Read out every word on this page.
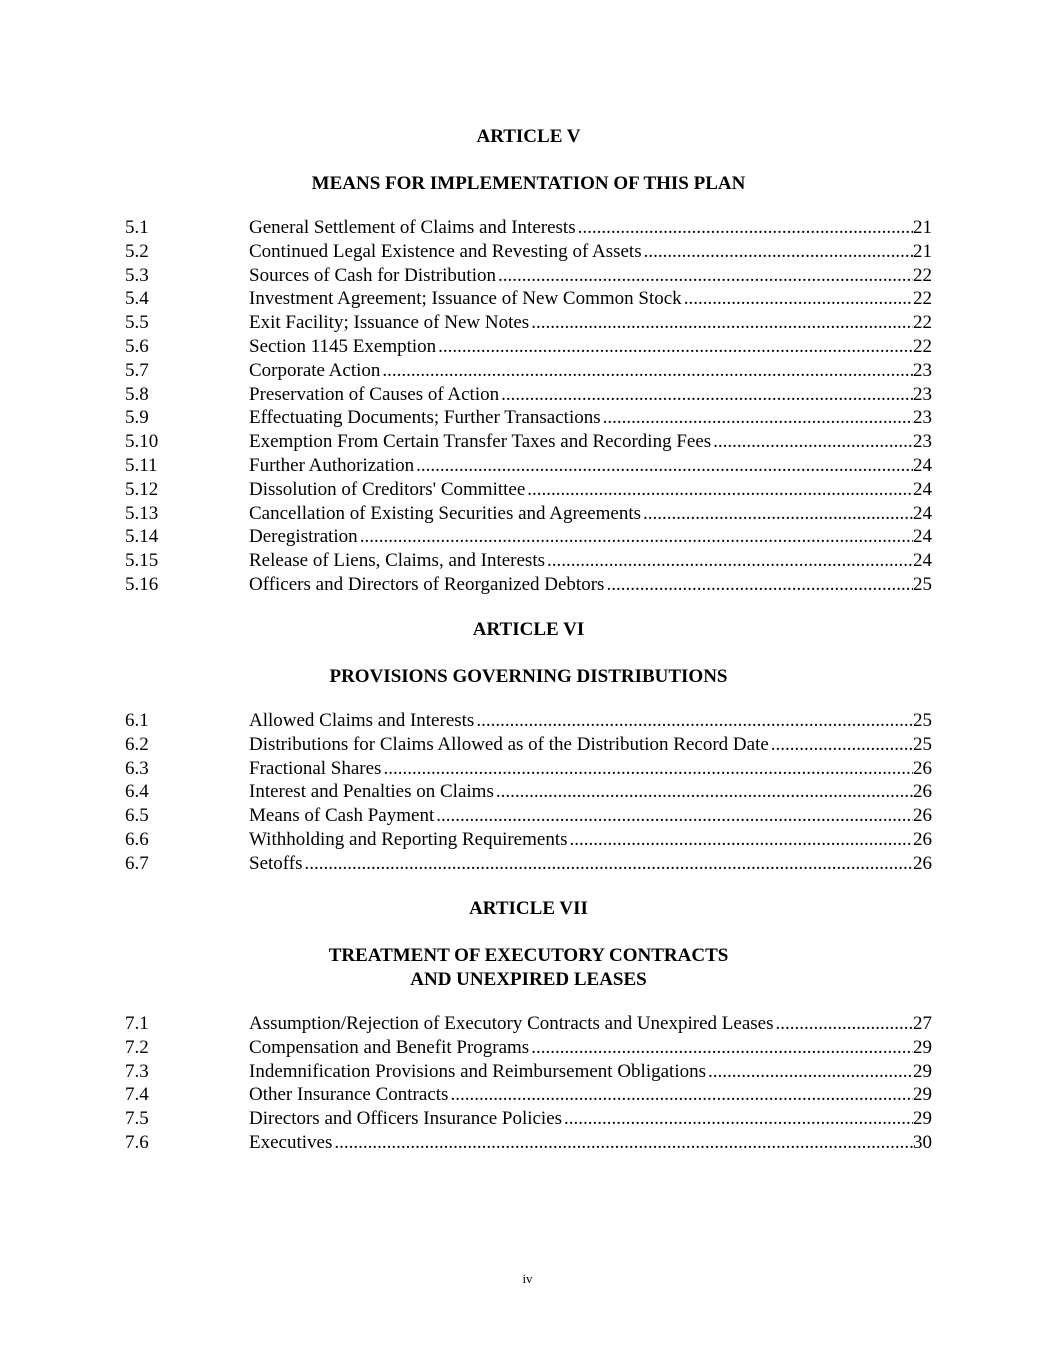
ARTICLE V
MEANS FOR IMPLEMENTATION OF THIS PLAN
5.1	General Settlement of Claims and Interests .....	21
5.2	Continued Legal Existence and Revesting of Assets .....	21
5.3	Sources of Cash for Distribution .....	22
5.4	Investment Agreement; Issuance of New Common Stock .....	22
5.5	Exit Facility; Issuance of New Notes .....	22
5.6	Section 1145 Exemption .....	22
5.7	Corporate Action .....	23
5.8	Preservation of Causes of Action .....	23
5.9	Effectuating Documents; Further Transactions .....	23
5.10	Exemption From Certain Transfer Taxes and Recording Fees .....	23
5.11	Further Authorization .....	24
5.12	Dissolution of Creditors' Committee .....	24
5.13	Cancellation of Existing Securities and Agreements .....	24
5.14	Deregistration .....	24
5.15	Release of Liens, Claims, and Interests .....	24
5.16	Officers and Directors of Reorganized Debtors .....	25
ARTICLE VI
PROVISIONS GOVERNING DISTRIBUTIONS
6.1	Allowed Claims and Interests .....	25
6.2	Distributions for Claims Allowed as of the Distribution Record Date .....	25
6.3	Fractional Shares .....	26
6.4	Interest and Penalties on Claims .....	26
6.5	Means of Cash Payment .....	26
6.6	Withholding and Reporting Requirements .....	26
6.7	Setoffs .....	26
ARTICLE VII
TREATMENT OF EXECUTORY CONTRACTS
AND UNEXPIRED LEASES
7.1	Assumption/Rejection of Executory Contracts and Unexpired Leases .....	27
7.2	Compensation and Benefit Programs .....	29
7.3	Indemnification Provisions and Reimbursement Obligations .....	29
7.4	Other Insurance Contracts .....	29
7.5	Directors and Officers Insurance Policies .....	29
7.6	Executives .....	30
iv
